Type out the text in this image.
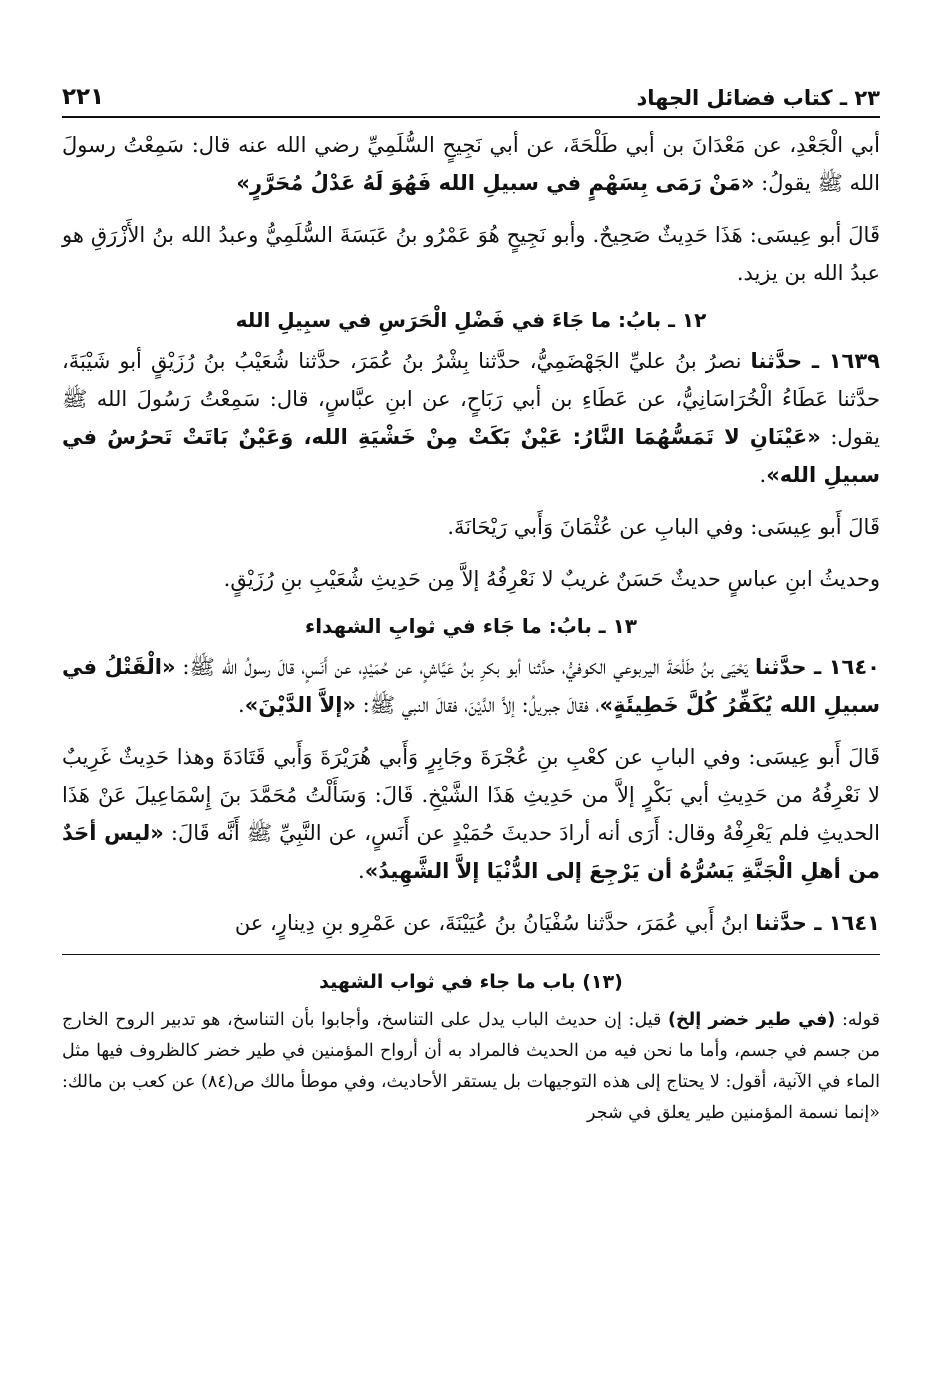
٢٣ ـ كتاب فضائل الجهاد
٢٢١

أبي الْجَعْدِ، عن مَعْدَانَ بن أبي طَلْحَةَ، عن أبي نَجِيحٍ السُّلَمِيِّ رضي الله عنه قال: سَمِعْتُ رسولَ الله ﷺ يقولُ: «مَنْ رَمَى بِسَهْمٍ في سبيلِ الله فَهُوَ لَهُ عَدْلُ مُحَرَّرٍ»

قَالَ أبو عِيسَى: هَذَا حَدِيثٌ صَحِيحٌ. وأبو نَجِيحٍ هُوَ عَمْرُو بنُ عَبَسَةَ السُّلَمِيُّ وعبدُ الله بنُ الأَزْرَقِ هو عبدُ الله بن يزيد.

١٢ ـ بابُ: ما جَاءَ في فَضْلِ الْحَرَسِ في سبِيلِ الله

١٦٣٩ ـ حدَّثنا نصرُ بنُ عليِّ الجَهْضَمِيُّ، حدَّثنا بِشْرُ بنُ عُمَرَ، حدَّثنا شُعَيْبُ بنُ رُزَيْقٍ أبو شَيْبَةَ، حدَّثنا عَطَاءُ الْخُرَاسَانِيُّ، عن عَطَاءِ بن أبي رَبَاحٍ، عن ابنِ عبَّاسٍ، قال: سَمِعْتُ رَسُولَ الله ﷺ يقول: «عَيْنَانِ لا تَمَسُّهُمَا النَّارُ: عَيْنٌ بَكَتْ مِنْ خَشْيَةِ الله، وَعَيْنٌ بَاتَتْ تَحرُسُ في سبيلِ الله».

قَالَ أَبو عِيسَى: وفي البابِ عن عُثْمَانَ وَأَبي رَيْحَانَةَ.

وحديثُ ابنِ عباسٍ حديثٌ حَسَنٌ غريبٌ لا نَعْرِفُهُ إلاَّ مِن حَدِيثِ شُعَيْبِ بنِ رُزَيْقٍ.

١٣ ـ بابُ: ما جَاء في ثوابِ الشهداء

١٦٤٠ ـ حدَّثنا يَحْيَى بنُ طَلْحَةَ اليربوعي الكوفيُّ، حدَّثنا أبو بكرِ بنُ عَيَّاشٍ، عن حُمَيْدٍ، عن أَنَسٍ، قالَ رسولُ الله ﷺ: «الْقَتْلُ في سبيلِ الله يُكَفِّرُ كُلَّ خَطِيئَةٍ»، فقالَ جبريلُ: إلاَّ الدَّيْنَ، فقالَ النبي ﷺ: «إلاَّ الدَّيْنَ».

قَالَ أَبو عِيسَى: وفي البابِ عن كعْبِ بنِ عُجْرَةَ وجَابِرٍ وَأَبي هُرَيْرَةَ وَأَبي قَتَادَةَ وهذا حَدِيثٌ غَرِيبٌ لا نَعْرِفُهُ من حَدِيثِ أبي بَكْرٍ إلاَّ من حَدِيثِ هَذَا الشَّيْخِ. قَالَ: وَسَأَلْتُ مُحَمَّدَ بنَ إِسْمَاعِيلَ عَنْ هَذَا الحديثِ فلم يَعْرِفْهُ وقال: أَرَى أنه أرادَ حديثَ حُمَيْدٍ عن أَنَسٍ، عن النَّبِيِّ ﷺ أَنَّه قَالَ: «ليس أحَدٌ من أهلِ الْجَنَّةِ يَسُرُّهُ أن يَرْجِعَ إلى الدُّنْيَا إلاَّ الشَّهِيدُ».

١٦٤١ ـ حدَّثنا ابنُ أَبي عُمَرَ، حدَّثنا سُفْيَانُ بنُ عُيَيْنَةَ، عن عَمْرِو بنِ دِينارٍ، عن

(١٣) باب ما جاء في ثواب الشهيد

قوله: (في طير خضر إلخ) قيل: إن حديث الباب يدل على التناسخ، وأجابوا بأن التناسخ، هو تدبير الروح الخارج من جسم في جسم، وأما ما نحن فيه من الحديث فالمراد به أن أرواح المؤمنين في طير خضر كالظروف فيها مثل الماء في الآنية، أقول: لا يحتاج إلى هذه التوجيهات بل يستقر الأحاديث، وفي موطأ مالك ص(٨٤) عن كعب بن مالك: «إنما نسمة المؤمنين طير يعلق في شجر
